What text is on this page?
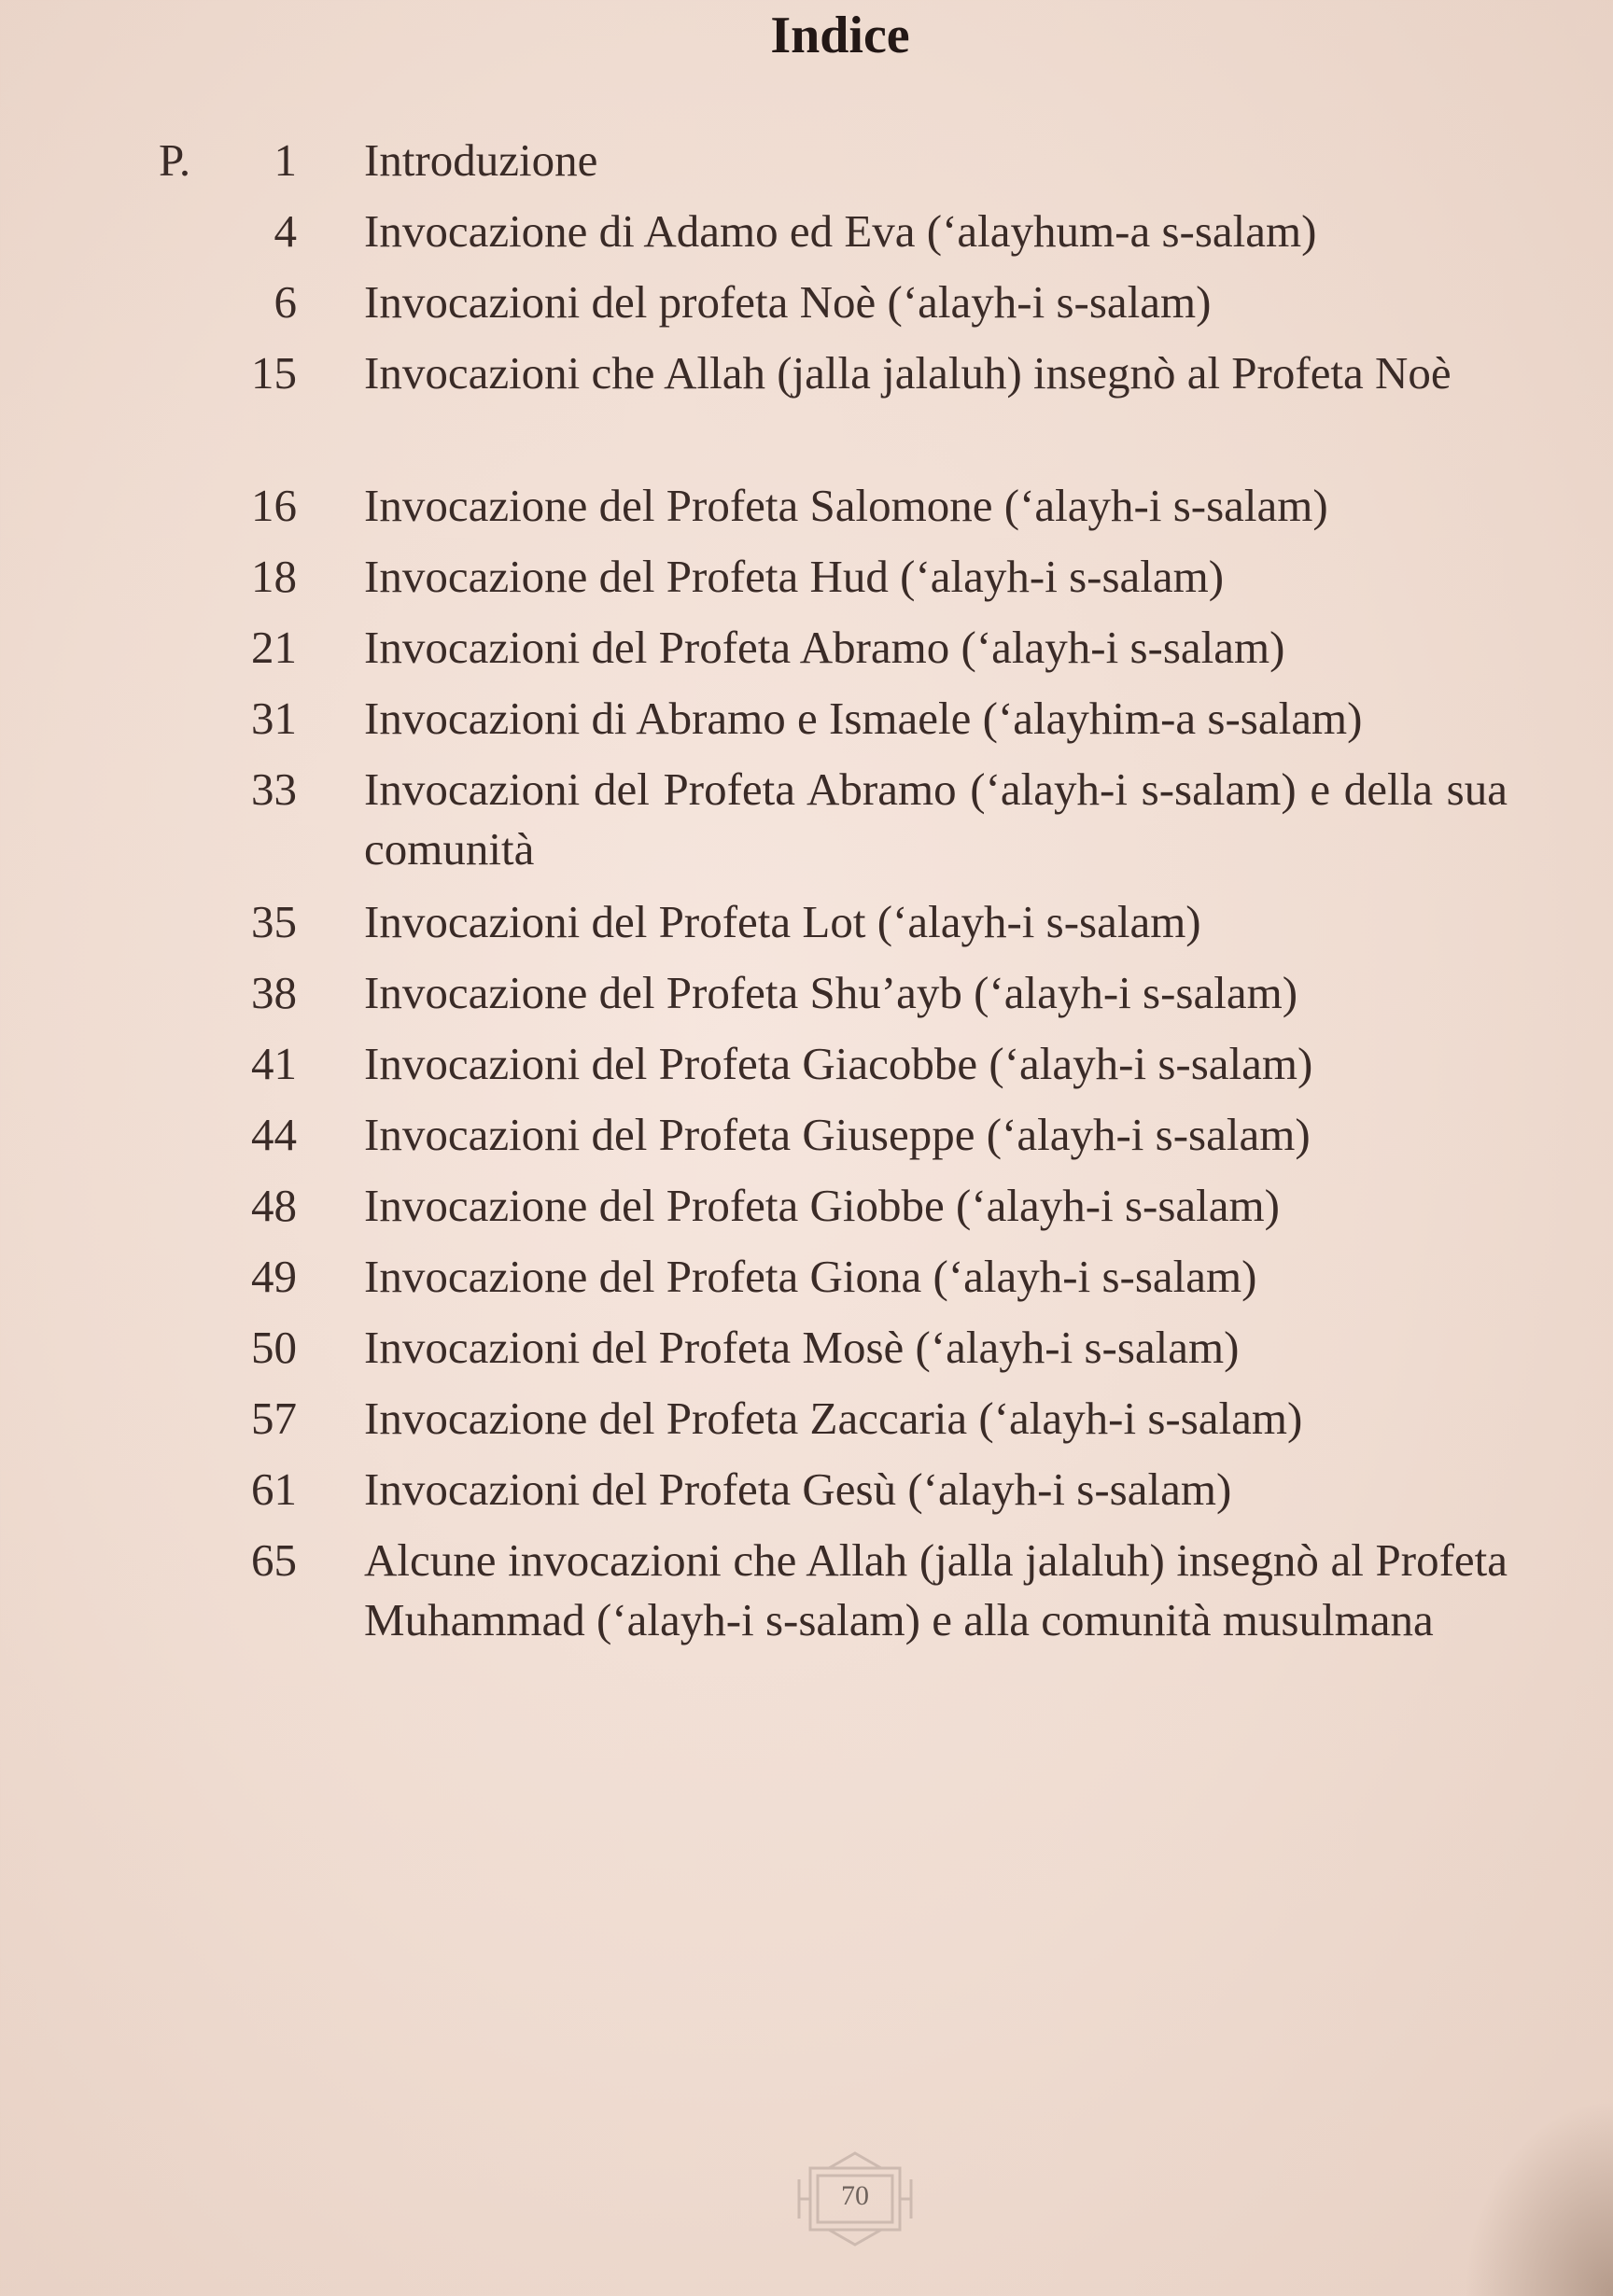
Indice
P.	1 Introduzione
4 Invocazione di Adamo ed Eva (‘alayhum-a s-salam)
6 Invocazioni del profeta Noè (‘alayh-i s-salam)
15 Invocazioni che Allah (jalla jalaluh) insegnò al Profeta Noè
16 Invocazione del Profeta Salomone (‘alayh-i s-salam)
18 Invocazione del Profeta Hud (‘alayh-i s-salam)
21 Invocazioni del Profeta Abramo (‘alayh-i s-salam)
31 Invocazioni di Abramo e Ismaele (‘alayhim-a s-salam)
33 Invocazioni del Profeta Abramo (‘alayh-i s-salam) e della sua comunità
35 Invocazioni del Profeta Lot (‘alayh-i s-salam)
38 Invocazione del Profeta Shu’ayb (‘alayh-i s-salam)
41 Invocazioni del Profeta Giacobbe (‘alayh-i s-salam)
44 Invocazioni del Profeta Giuseppe (‘alayh-i s-salam)
48 Invocazione del Profeta Giobbe (‘alayh-i s-salam)
49 Invocazione del Profeta Giona (‘alayh-i s-salam)
50 Invocazioni del Profeta Mosè (‘alayh-i s-salam)
57 Invocazione del Profeta Zaccaria (‘alayh-i s-salam)
61 Invocazioni del Profeta Gesù (‘alayh-i s-salam)
65 Alcune invocazioni che Allah (jalla jalaluh) insegnò al Profeta Muhammad (‘alayh-i s-salam) e alla comunità musulmana
70
